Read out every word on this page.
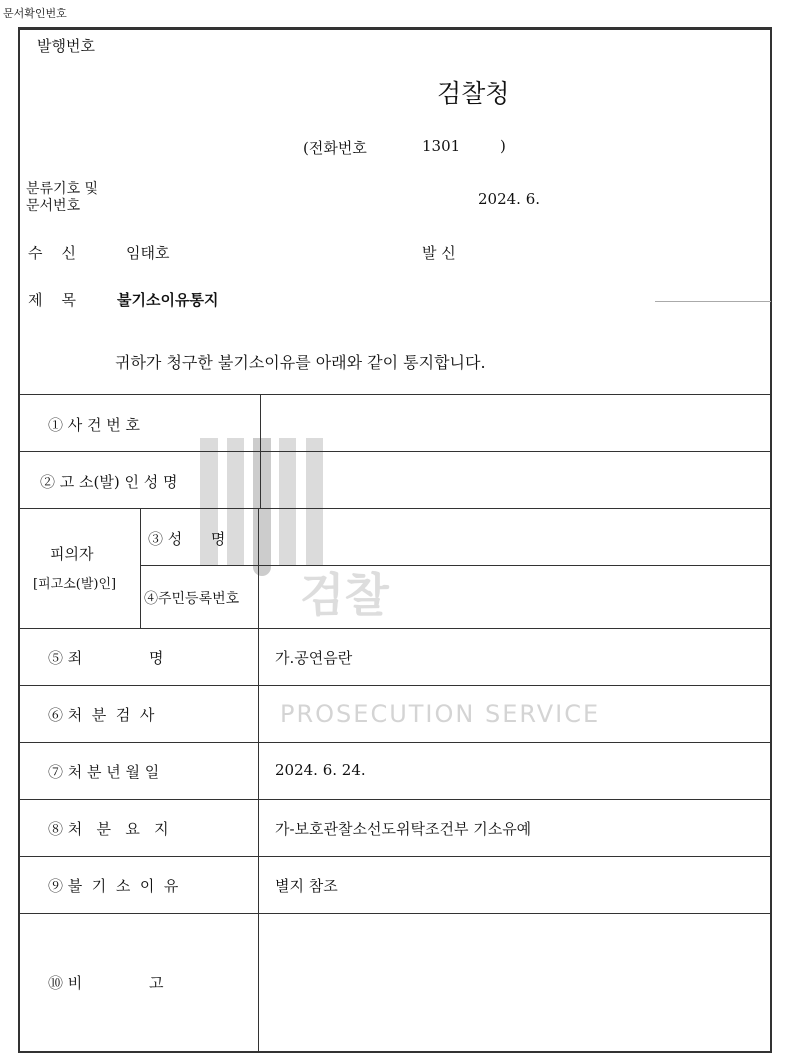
문서확인번호
발행번호
검찰청
(전화번호	1301	)
분류기호 및
문서번호	2024. 6.
수    신	임태호	발 신
제    목	불기소이유통지
귀하가 청구한 불기소이유를 아래와 같이 통지합니다.
검찰
PROSECUTION SERVICE
① 사 건 번 호
② 고 소(발) 인 성 명
피의자
[피고소(발)인]
③ 성      명
④주민등록번호
⑤ 죄              명	가.공연음란
⑥ 처  분  검  사
⑦ 처 분 년 월 일	2024. 6. 24.
⑧ 처   분   요   지	가-보호관찰소선도위탁조건부 기소유예
⑨ 불  기  소  이  유	별지 참조
⑩ 비              고
